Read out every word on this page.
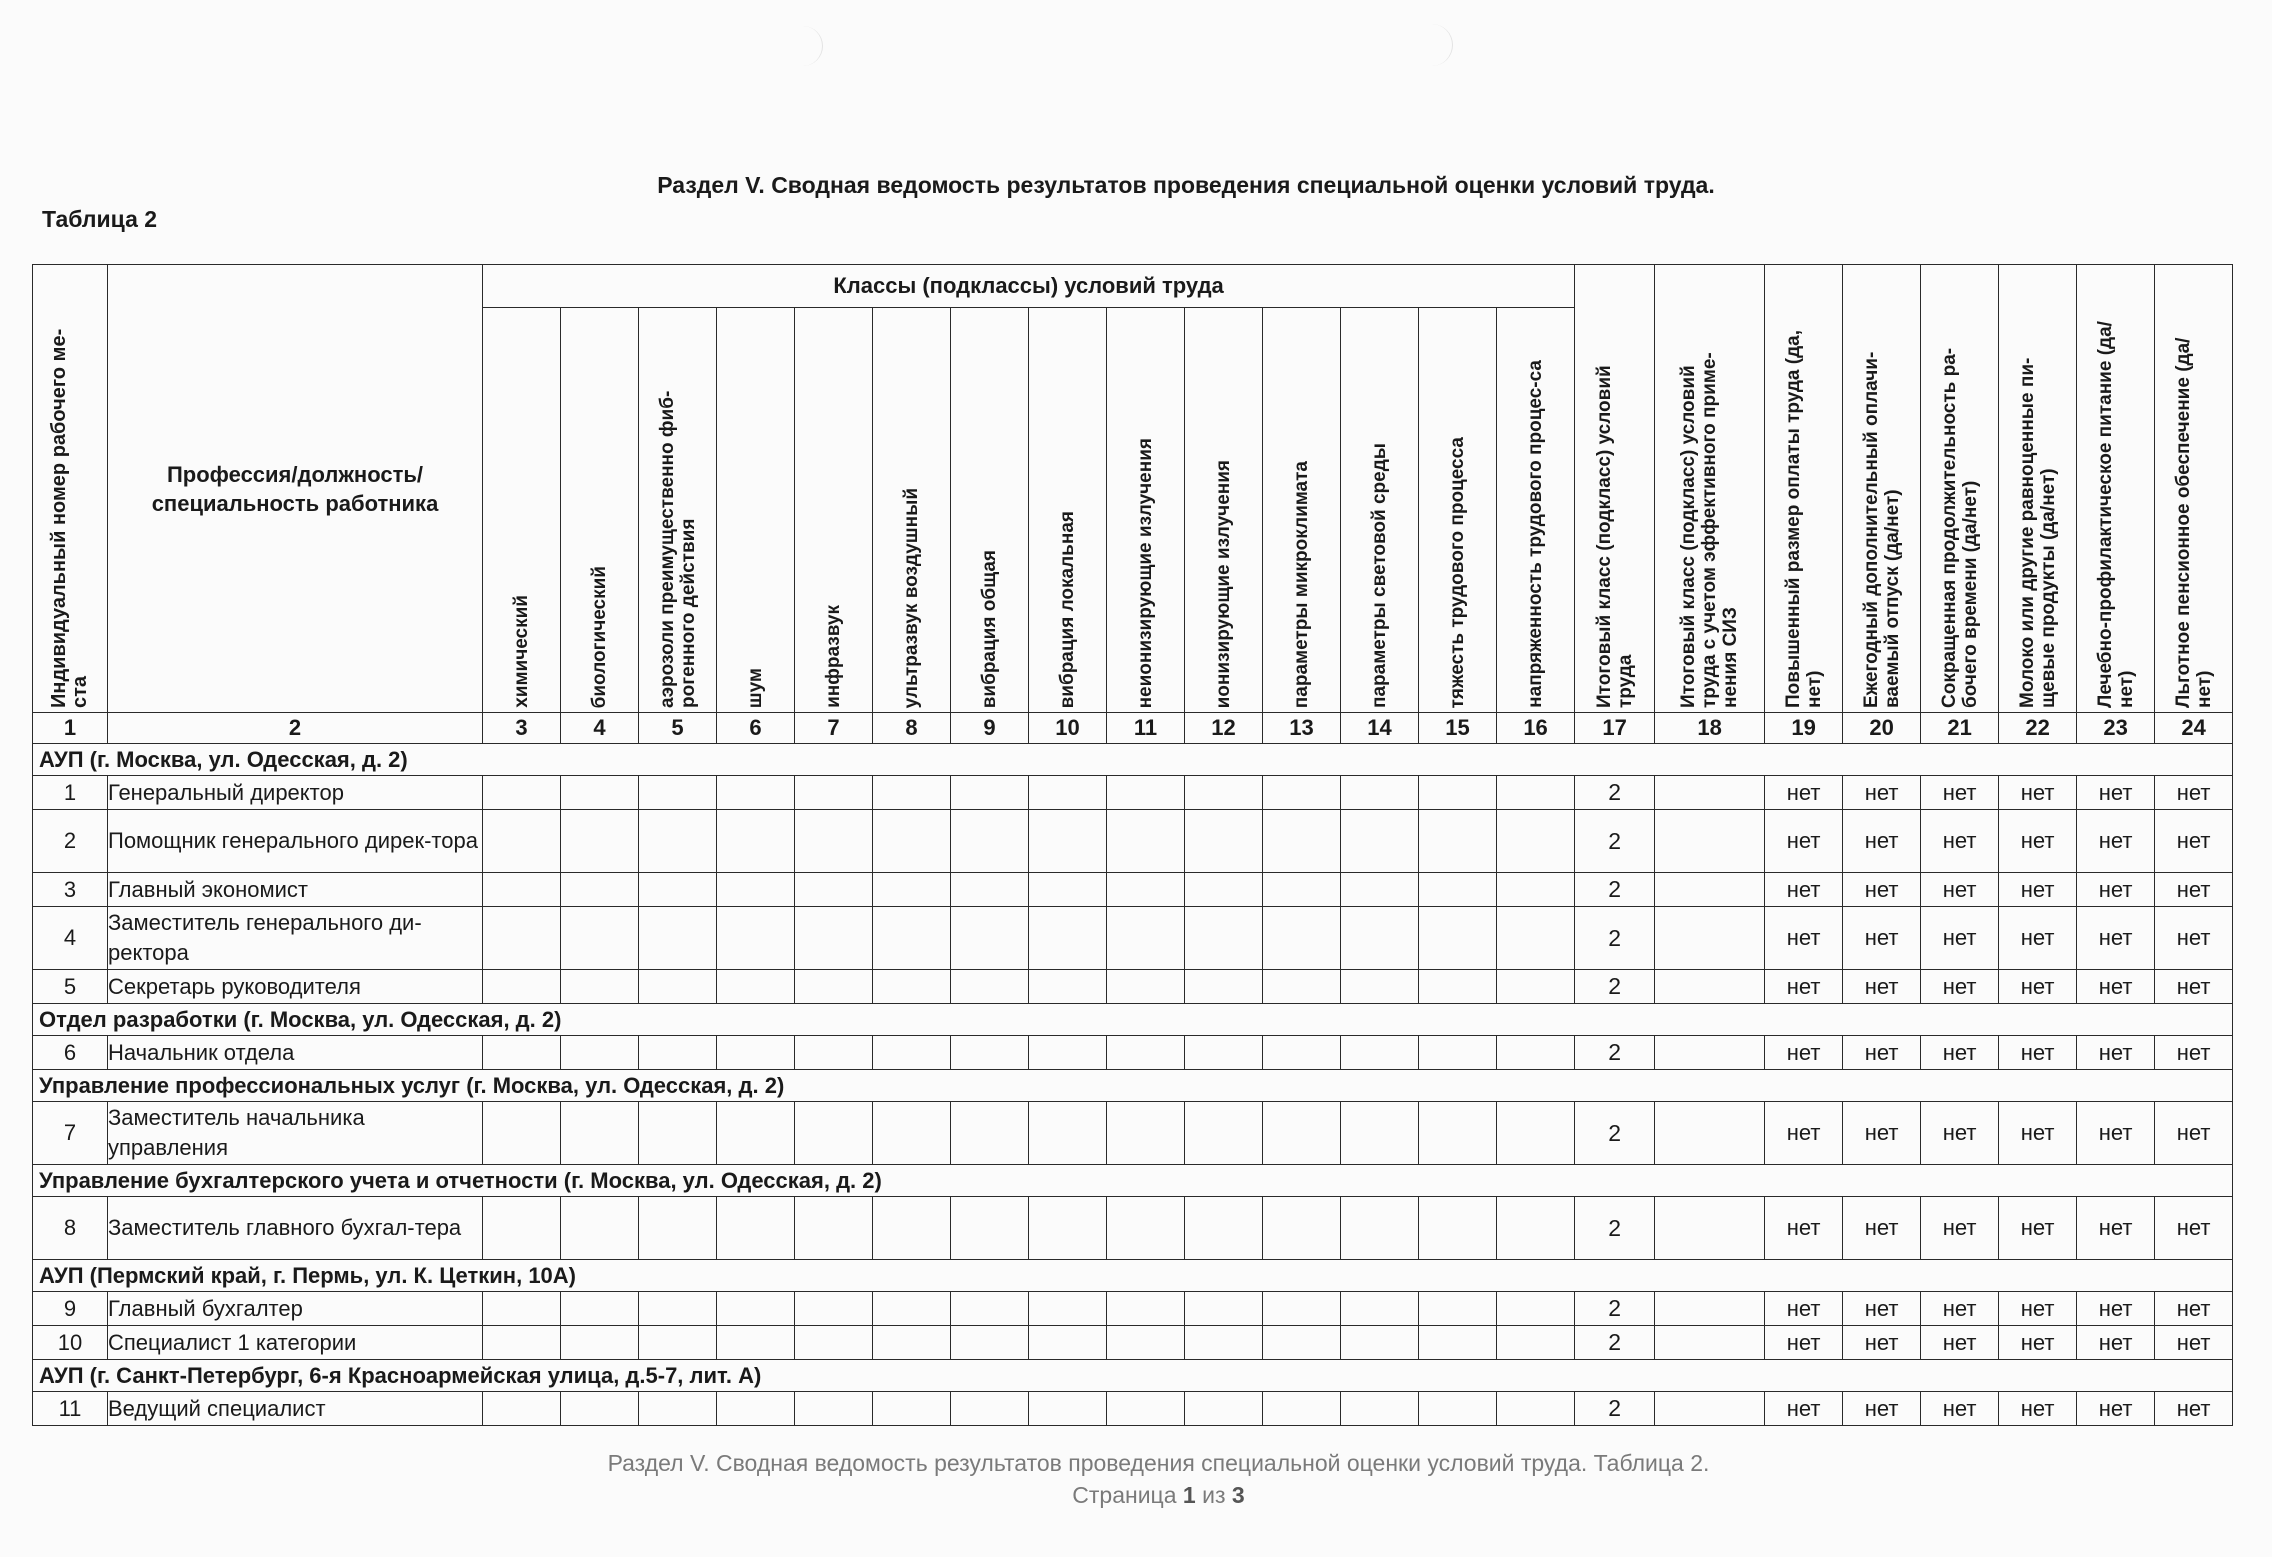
Раздел V. Сводная ведомость результатов проведения специальной оценки условий труда.
Таблица 2
Индивидуальный номер рабочего ме-ста	Профессия/должность/ специальность работника	Классы (подклассы) условий труда														Итоговый класс (подкласс) условий труда	Итоговый класс (подкласс) условий труда с учетом эффективного приме-нения СИЗ	Повышенный размер оплаты труда (да, нет)	Ежегодный дополнительный оплачи-ваемый отпуск (да/нет)	Сокращенная продолжительность ра-бочего времени (да/нет)	Молоко или другие равноценные пи-щевые продукты (да/нет)	Лечебно-профилактическое питание (да/нет)	Льготное пенсионное обеспечение (да/нет)

		химический	биологический	аэрозоли преимущественно фиб-рогенного действия	шум	инфразвук	ультразвук воздушный	вибрация общая	вибрация локальная	неионизирующие излучения	ионизирующие излучения	параметры микроклимата	параметры световой среды	тяжесть трудового процесса	напряженность трудового процес-са								

1	2	3	4	5	6	7	8	9	10	11	12	13	14	15	16	17	18	19	20	21	22	23	24
АУП (г. Москва, ул. Одесская, д. 2)																							
1	Генеральный директор															2		нет	нет	нет	нет	нет	нет
2	Помощник генерального дирек-тора															2		нет	нет	нет	нет	нет	нет
3	Главный экономист															2		нет	нет	нет	нет	нет	нет
4	Заместитель генерального ди-ректора															2		нет	нет	нет	нет	нет	нет
5	Секретарь руководителя															2		нет	нет	нет	нет	нет	нет
Отдел разработки (г. Москва, ул. Одесская, д. 2)																							
6	Начальник отдела															2		нет	нет	нет	нет	нет	нет
Управление профессиональных услуг (г. Москва, ул. Одесская, д. 2)																							
7	Заместитель начальника управления															2		нет	нет	нет	нет	нет	нет
Управление бухгалтерского учета и отчетности (г. Москва, ул. Одесская, д. 2)																							
8	Заместитель главного бухгал-тера															2		нет	нет	нет	нет	нет	нет
АУП (Пермский край, г. Пермь, ул. К. Цеткин, 10А)																							
9	Главный бухгалтер															2		нет	нет	нет	нет	нет	нет
10	Специалист 1 категории															2		нет	нет	нет	нет	нет	нет
АУП (г. Санкт-Петербург, 6-я Красноармейская улица, д.5-7, лит. А)																							
11	Ведущий специалист															2		нет	нет	нет	нет	нет	нет
Раздел V. Сводная ведомость результатов проведения специальной оценки условий труда. Таблица 2.
Страница 1 из 3
